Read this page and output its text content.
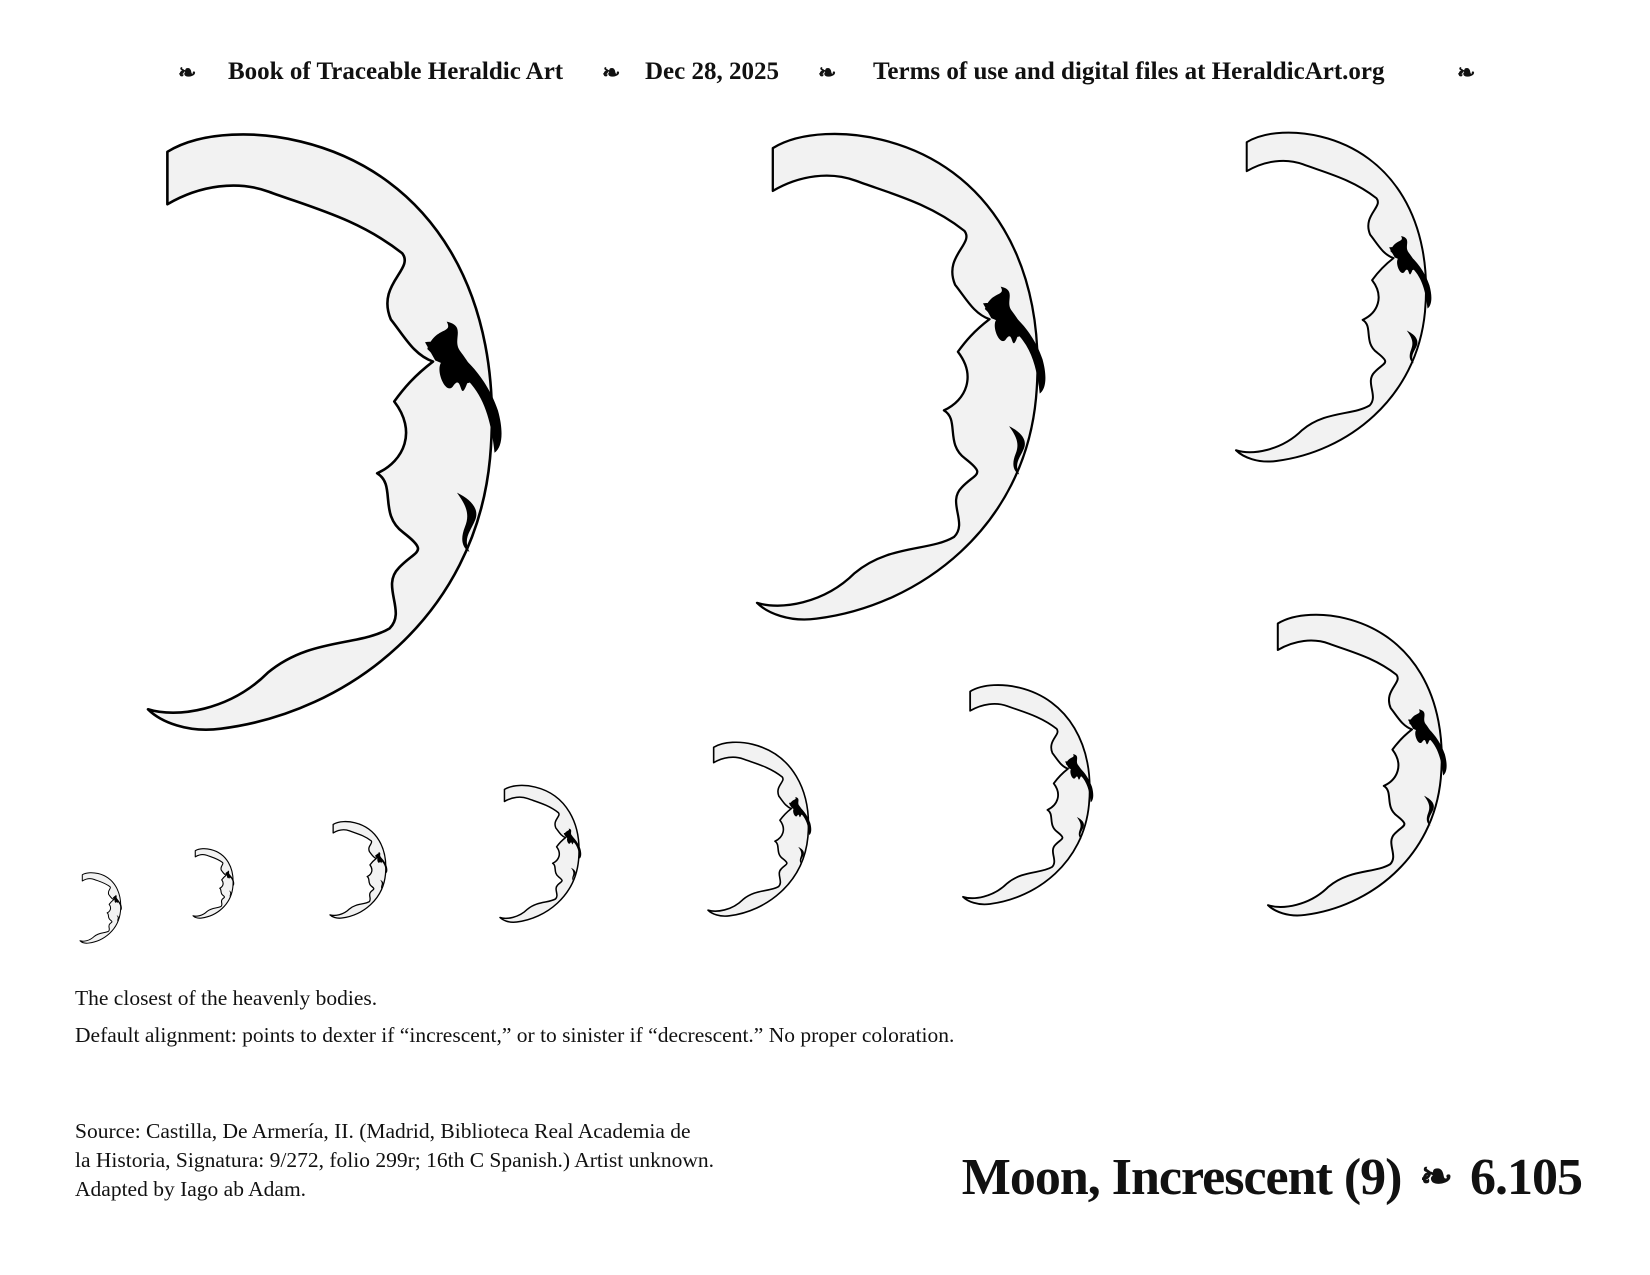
❧ Book of Traceable Heraldic Art ❧ Dec 28, 2025 ❧ Terms of use and digital files at HeraldicArt.org	❧
The closest of the heavenly bodies.
Default alignment: points to dexter if “increscent,” or to sinister if “decrescent.” No proper coloration.
Source: Castilla, De Armería, II. (Madrid, Biblioteca Real Academia de
la Historia, Signatura: 9/272, folio 299r; 16th C Spanish.) Artist unknown.
Adapted by Iago ab Adam.	Moon, Increscent (9) ❧ 6.105
